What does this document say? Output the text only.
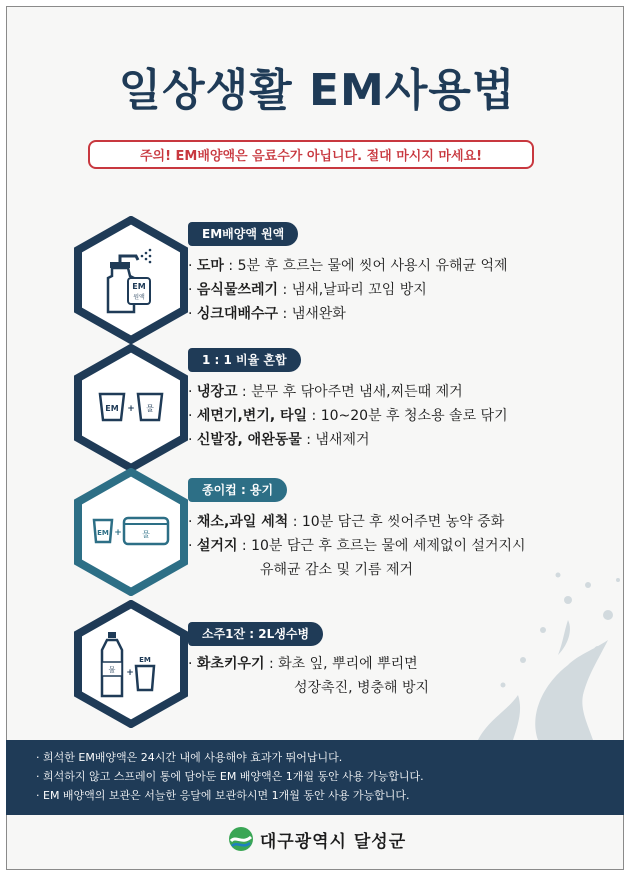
일상생활 EM사용법
주의! EM배양액은 음료수가 아닙니다. 절대 마시지 마세요!
EM
원액
EM배양액 원액
· 도마 : 5분 후 흐르는 물에 씻어 사용시 유해균 억제
· 음식물쓰레기 : 냄새,날파리 꼬임 방지
· 싱크대배수구 : 냄새완화
EM + 물
1 : 1 비율 혼합
· 냉장고 : 분무 후 닦아주면 냄새,찌든때 제거
· 세면기,변기, 타일 : 10~20분 후 청소용 솔로 닦기
· 신발장, 애완동물 : 냄새제거
EM +	물
종이컵 : 용기
· 채소,과일 세척 : 10분 담근 후 씻어주면 농약 중화
· 설거지 : 10분 담근 후 흐르는 물에 세제없이 설거지시
유해균 감소 및 기름 제거
물 +
EM
소주1잔 : 2L생수병
· 화초키우기 : 화초 잎, 뿌리에 뿌리면
성장촉진, 병충해 방지
· 희석한 EM배양액은 24시간 내에 사용해야 효과가 뛰어납니다.
· 희석하지 않고 스프레이 통에 담아둔 EM 배양액은 1개월 동안 사용 가능합니다.
· EM 배양액의 보관은 서늘한 응달에 보관하시면 1개월 동안 사용 가능합니다.
대구광역시 달성군
